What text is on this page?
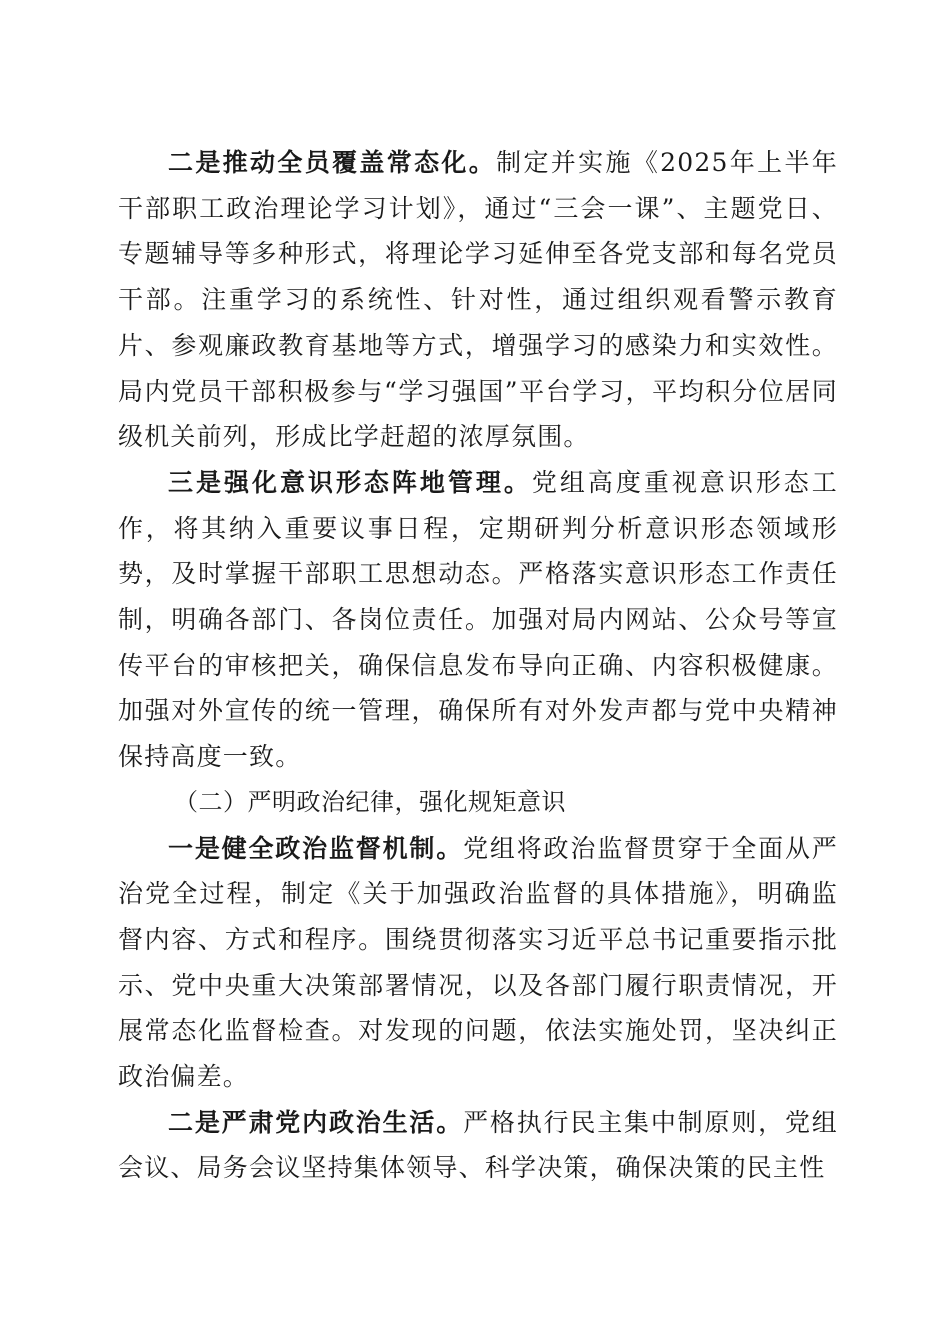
二是推动全员覆盖常态化。制定并实施《2025年上半年干部职工政治理论学习计划》，通过“三会一课”、主题党日、专题辅导等多种形式，将理论学习延伸至各党支部和每名党员干部。注重学习的系统性、针对性，通过组织观看警示教育片、参观廉政教育基地等方式，增强学习的感染力和实效性。局内党员干部积极参与“学习强国”平台学习，平均积分位居同级机关前列，形成比学赶超的浓厚氛围。

三是强化意识形态阵地管理。党组高度重视意识形态工作，将其纳入重要议事日程，定期研判分析意识形态领域形势，及时掌握干部职工思想动态。严格落实意识形态工作责任制，明确各部门、各岗位责任。加强对局内网站、公众号等宣传平台的审核把关，确保信息发布导向正确、内容积极健康。加强对外宣传的统一管理，确保所有对外发声都与党中央精神保持高度一致。

（二）严明政治纪律，强化规矩意识

一是健全政治监督机制。党组将政治监督贯穿于全面从严治党全过程，制定《关于加强政治监督的具体措施》，明确监督内容、方式和程序。围绕贯彻落实习近平总书记重要指示批示、党中央重大决策部署情况，以及各部门履行职责情况，开展常态化监督检查。对发现的问题，依法实施处罚，坚决纠正政治偏差。

二是严肃党内政治生活。严格执行民主集中制原则，党组会议、局务会议坚持集体领导、科学决策，确保决策的民主性
